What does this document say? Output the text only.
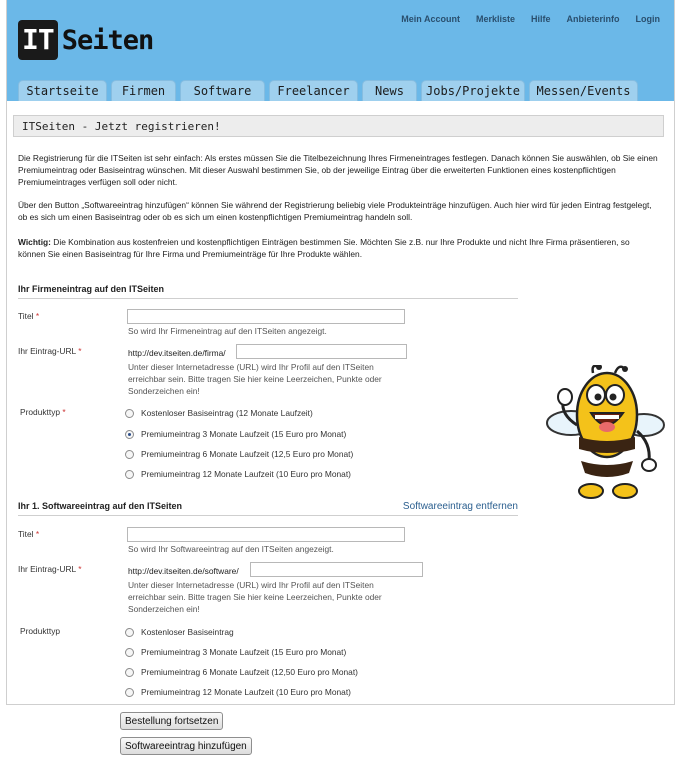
IT Seiten
Mein Account Merkliste Hilfe Anbieterinfo Login
Startseite	Firmen	Software	Freelancer	News	Jobs/Projekte	Messen/Events
ITSeiten - Jetzt registrieren!

Die Registrierung für die ITSeiten ist sehr einfach: Als erstes müssen Sie die Titelbezeichnung Ihres Firmeneintrages festlegen. Danach können Sie auswählen, ob Sie einen Premiumeintrag oder Basiseintrag wünschen. Mit dieser Auswahl bestimmen Sie, ob der jeweilige Eintrag über die erweiterten Funktionen eines kostenpflichtigen Premiumeintrages verfügen soll oder nicht.

Über den Button „Softwareeintrag hinzufügen“ können Sie während der Registrierung beliebig viele Produkteinträge hinzufügen. Auch hier wird für jeden Eintrag festgelegt, ob es sich um einen Basiseintrag oder ob es sich um einen kostenpflichtigen Premiumeintrag handeln soll.

Wichtig: Die Kombination aus kostenfreien und kostenpflichtigen Einträgen bestimmen Sie. Möchten Sie z.B. nur Ihre Produkte und nicht Ihre Firma präsentieren, so können Sie einen Basiseintrag für Ihre Firma und Premiumeinträge für Ihre Produkte wählen.

Ihr Firmeneintrag auf den ITSeiten
Titel *
So wird Ihr Firmeneintrag auf den ITSeiten angezeigt.
Ihr Eintrag-URL *	http://dev.itseiten.de/firma/
Unter dieser Internetadresse (URL) wird Ihr Profil auf den ITSeiten erreichbar sein. Bitte tragen Sie hier keine Leerzeichen, Punkte oder Sonderzeichen ein!
Produkttyp *	Kostenloser Basiseintrag (12 Monate Laufzeit)
Premiumeintrag 3 Monate Laufzeit (15 Euro pro Monat)
Premiumeintrag 6 Monate Laufzeit (12,5 Euro pro Monat)
Premiumeintrag 12 Monate Laufzeit (10 Euro pro Monat)
Ihr 1. Softwareeintrag auf den ITSeiten	Softwareeintrag entfernen
Titel *
So wird Ihr Softwareeintrag auf den ITSeiten angezeigt.
Ihr Eintrag-URL *	http://dev.itseiten.de/software/
Unter dieser Internetadresse (URL) wird Ihr Profil auf den ITSeiten erreichbar sein. Bitte tragen Sie hier keine Leerzeichen, Punkte oder Sonderzeichen ein!
Produkttyp	Kostenloser Basiseintrag
Premiumeintrag 3 Monate Laufzeit (15 Euro pro Monat)
Premiumeintrag 6 Monate Laufzeit (12,50 Euro pro Monat)
Premiumeintrag 12 Monate Laufzeit (10 Euro pro Monat)
Bestellung fortsetzen
Softwareeintrag hinzufügen
